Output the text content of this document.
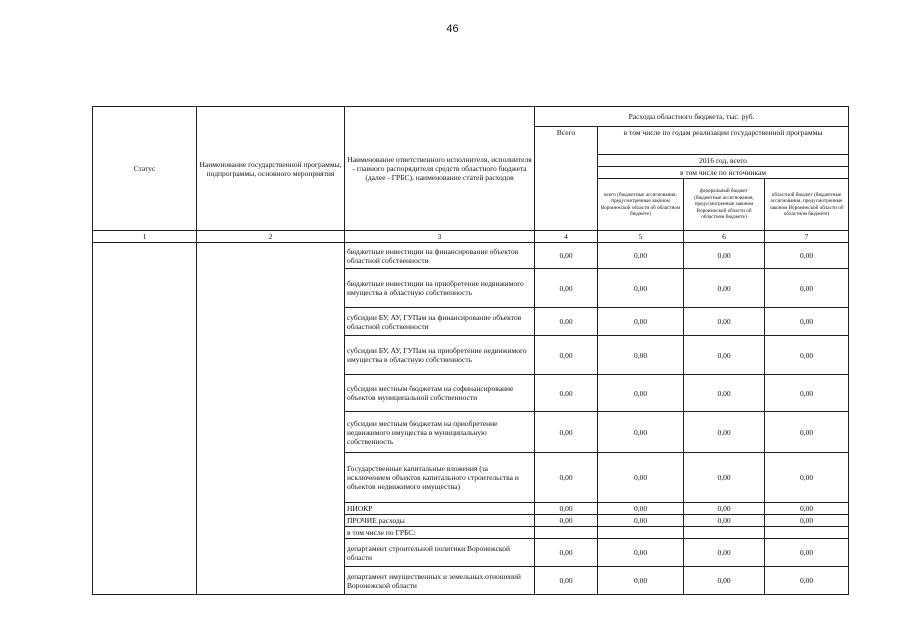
46
Статус	Наименование государственной программы, подпрограммы, основного мероприятия	Наименование ответственного исполнителя, исполнителя - главного распорядителя средств областного бюджета (далее - ГРБС), наименование статей расходов	Расходы областного бюджета, тыс. руб.			
			Всего	в том числе по годам реализации государственной программы		
				2016 год, всего		
				в том числе по источникам		
				всего (бюджетные ассигнования, предусмотренные законом Воронежской области об областном бюджете)	федеральный бюджет (бюджетные ассигнования, предусмотренные законом Воронежской области об областном бюджете)	областной бюджет (бюджетные ассигнования, предусмотренные законом Воронежской области об областном бюджете)
1	2	3	4	5	6	7
		бюджетные инвестиции на финансирование объектов областной собственности	0,00	0,00	0,00	0,00
		бюджетные инвестиции на приобретение недвижимого имущества в областную собственность	0,00	0,00	0,00	0,00
		субсидии БУ, АУ, ГУПам на финансирование объектов областной собственности	0,00	0,00	0,00	0,00
		субсидии БУ, АУ, ГУПам на приобретение недвижимого имущества в областную собственность	0,00	0,00	0,00	0,00
		субсидии местным бюджетам на софинансирование объектов муниципальной собственности	0,00	0,00	0,00	0,00
		субсидии местным бюджетам на приобретение недвижимого имущества в муниципальную собственность	0,00	0,00	0,00	0,00
		Государственные капитальные вложения (за исключением объектов капитального строительства и объектов недвижимого имущества)	0,00	0,00	0,00	0,00
		НИОКР	0,00	0,00	0,00	0,00
		ПРОЧИЕ расходы	0,00	0,00	0,00	0,00
		в том числе по ГРБС:				
		департамент строительной политики Воронежской области	0,00	0,00	0,00	0,00
		департамент имущественных и земельных отношений Воронежской области	0,00	0,00	0,00	0,00
